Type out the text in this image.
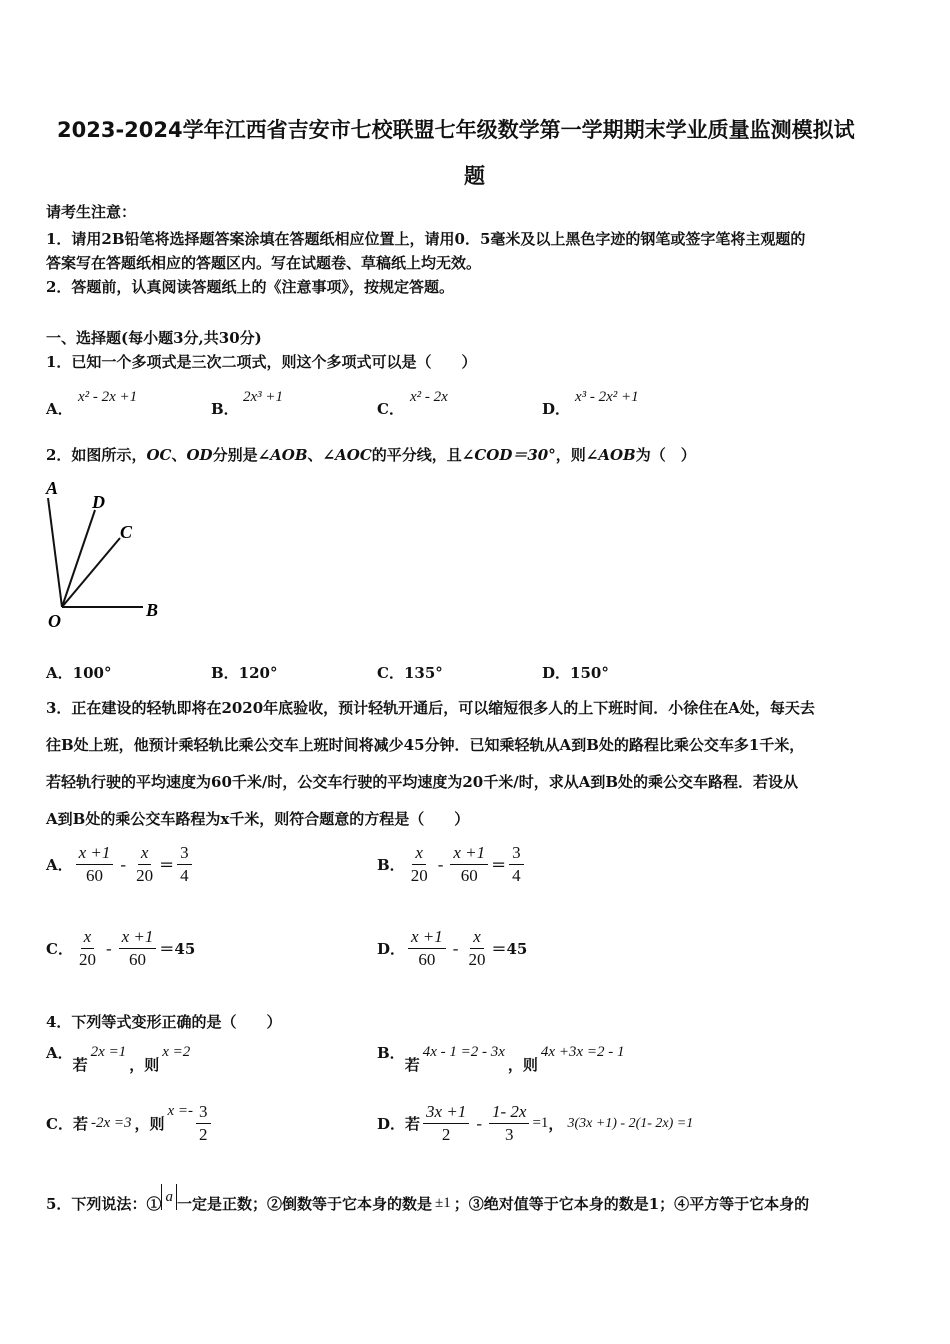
2023-2024学年江西省吉安市七校联盟七年级数学第一学期期末学业质量监测模拟试
题
请考生注意：
1．请用2B铅笔将选择题答案涂填在答题纸相应位置上，请用0．5毫米及以上黑色字迹的钢笔或签字笔将主观题的
答案写在答题纸相应的答题区内。写在试题卷、草稿纸上均无效。
2．答题前，认真阅读答题纸上的《注意事项》，按规定答题。
一、选择题(每小题3分,共30分)
1．已知一个多项式是三次二项式，则这个多项式可以是（　　）
A．
x² - 2x +1
B．
2x³ +1
C．
x² - 2x
D．
x³ - 2x² +1
2．如图所示，OC、OD分别是∠AOB、∠AOC的平分线，且∠COD＝30°，则∠AOB为（　）
A
D
C
B
O
A．100°	B．120°	C．135°	D．150°
3．正在建设的轻轨即将在2020年底验收，预计轻轨开通后，可以缩短很多人的上下班时间．小徐住在A处，每天去
往B处上班，他预计乘轻轨比乘公交车上班时间将减少45分钟．已知乘轻轨从A到B处的路程比乘公交车多1千米，
若轻轨行驶的平均速度为60千米/时，公交车行驶的平均速度为20千米/时，求从A到B处的乘公交车路程．若设从
A到B处的乘公交车路程为x千米，则符合题意的方程是（　　）
A． $\frac{x +1}{60} - \frac{x}{20} = \frac{3}{4}$	B． $\frac{x}{20} - \frac{x +1}{60} = \frac{3}{4}$
C． $\frac{x}{20} - \frac{x +1}{60} =45$	D． $\frac{x +1}{60} - \frac{x}{20} =45$
4．下列等式变形正确的是（　　）
A．
若
2x =1
，则
x =2	B．
若
4x - 1 =2 - 3x
，则
4x +3x =2 - 1
C． 若 -2x =3 ，则
$x =- \frac{3}{2}$	D． 若 $\frac{3x +1}{2} - \frac{1- 2x}{3} =1$ ， 3(3x +1) - 2(1- 2x) =1
5．下列说法：① a 一定是正数；②倒数等于它本身的数是 ±1 ；③绝对值等于它本身的数是1；④平方等于它本身的
